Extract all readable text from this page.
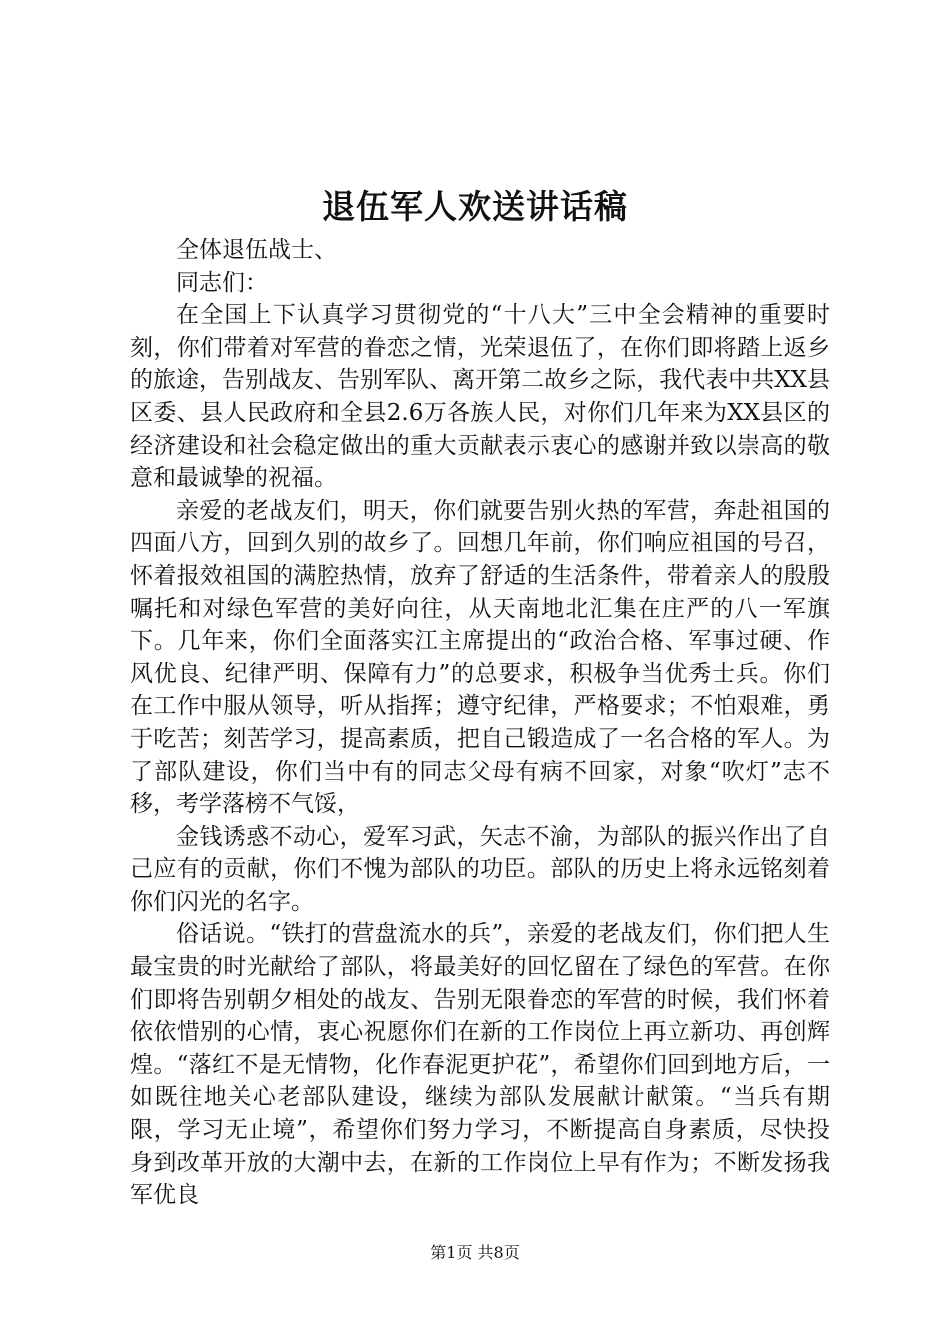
退伍军人欢送讲话稿

全体退伍战士、

同志们：

在全国上下认真学习贯彻党的“十八大”三中全会精神的重要时刻，你们带着对军营的眷恋之情，光荣退伍了，在你们即将踏上返乡的旅途，告别战友、告别军队、离开第二故乡之际，我代表中共XX县区委、县人民政府和全县2.6万各族人民，对你们几年来为XX县区的经济建设和社会稳定做出的重大贡献表示衷心的感谢并致以崇高的敬意和最诚挚的祝福。

亲爱的老战友们，明天，你们就要告别火热的军营，奔赴祖国的四面八方，回到久别的故乡了。回想几年前，你们响应祖国的号召，怀着报效祖国的满腔热情，放弃了舒适的生活条件，带着亲人的殷殷嘱托和对绿色军营的美好向往，从天南地北汇集在庄严的八一军旗下。几年来，你们全面落实江主席提出的“政治合格、军事过硬、作风优良、纪律严明、保障有力”的总要求，积极争当优秀士兵。你们在工作中服从领导，听从指挥；遵守纪律，严格要求；不怕艰难，勇于吃苦；刻苦学习，提高素质，把自己锻造成了一名合格的军人。为了部队建设，你们当中有的同志父母有病不回家，对象“吹灯”志不移，考学落榜不气馁，

金钱诱惑不动心，爱军习武，矢志不渝，为部队的振兴作出了自己应有的贡献，你们不愧为部队的功臣。部队的历史上将永远铭刻着你们闪光的名字。

俗话说。“铁打的营盘流水的兵”，亲爱的老战友们，你们把人生最宝贵的时光献给了部队，将最美好的回忆留在了绿色的军营。在你们即将告别朝夕相处的战友、告别无限眷恋的军营的时候，我们怀着依依惜别的心情，衷心祝愿你们在新的工作岗位上再立新功、再创辉煌。“落红不是无情物，化作春泥更护花”，希望你们回到地方后，一如既往地关心老部队建设，继续为部队发展献计献策。“当兵有期限，学习无止境”，希望你们努力学习，不断提高自身素质，尽快投身到改革开放的大潮中去，在新的工作岗位上早有作为；不断发扬我军优良

第1页 共8页
